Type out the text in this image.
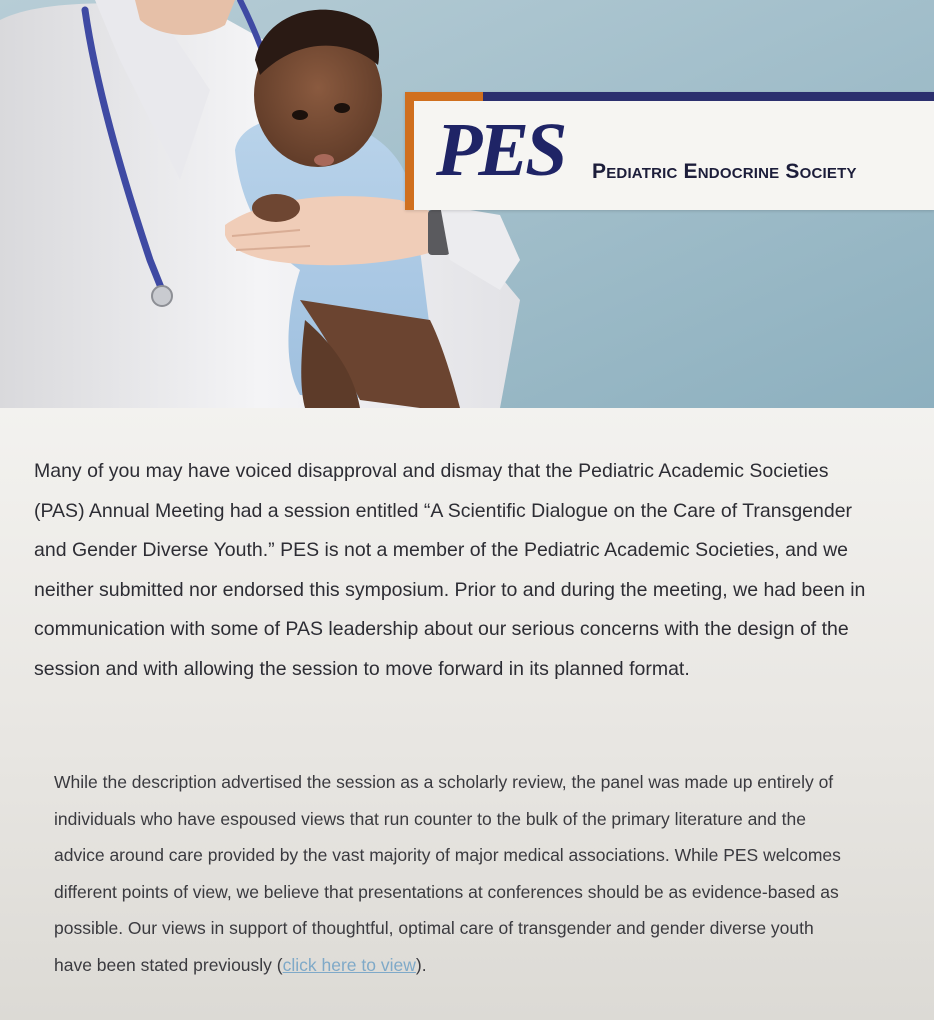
PES Pediatric Endocrine Society

Many of you may have voiced disapproval and dismay that the Pediatric Academic Societies (PAS) Annual Meeting had a session entitled “A Scientific Dialogue on the Care of Transgender and Gender Diverse Youth.” PES is not a member of the Pediatric Academic Societies, and we neither submitted nor endorsed this symposium. Prior to and during the meeting, we had been in communication with some of PAS leadership about our serious concerns with the design of the session and with allowing the session to move forward in its planned format.

While the description advertised the session as a scholarly review, the panel was made up entirely of individuals who have espoused views that run counter to the bulk of the primary literature and the advice around care provided by the vast majority of major medical associations. While PES welcomes different points of view, we believe that presentations at conferences should be as evidence-based as possible. Our views in support of thoughtful, optimal care of transgender and gender diverse youth have been stated previously (click here to view).
